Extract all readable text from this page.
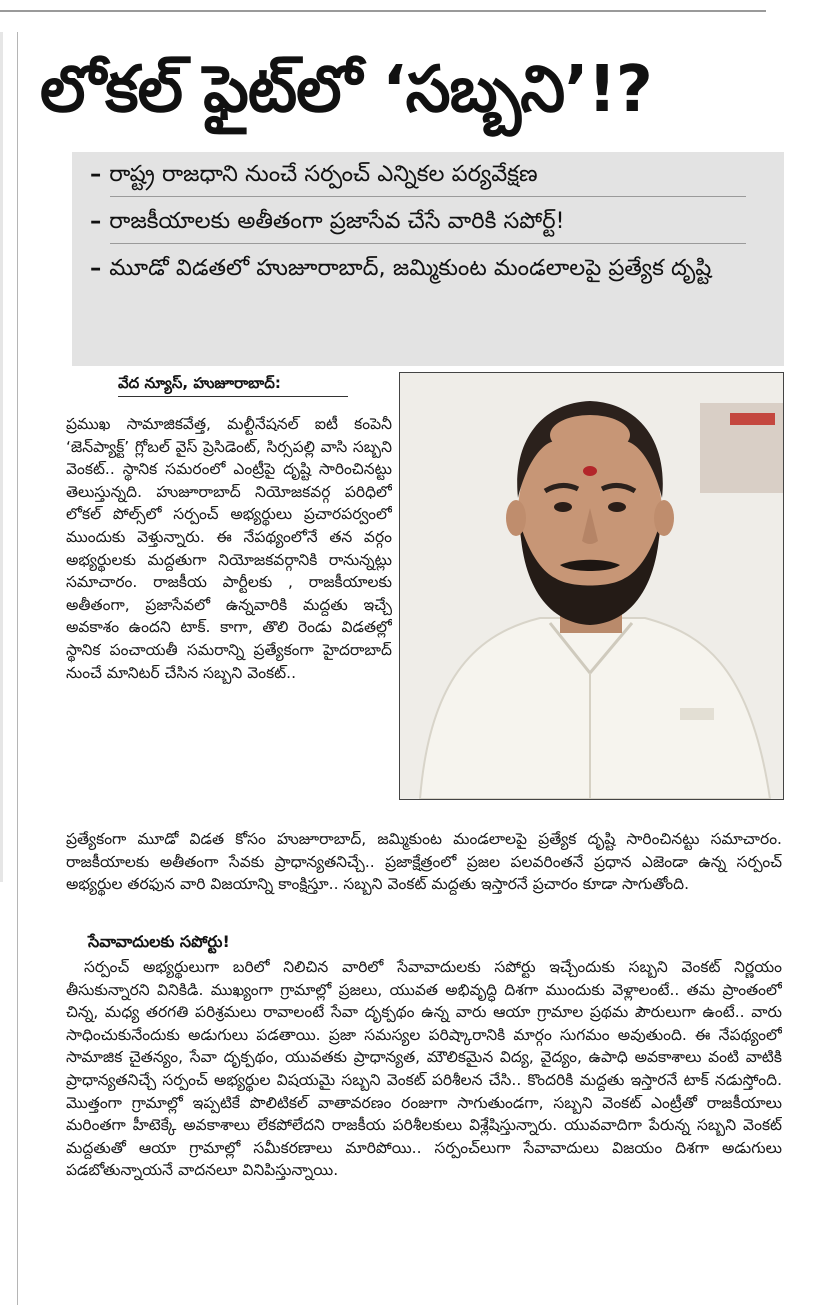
లోకల్ ఫైట్‌లో ‘సబ్బని’!?
– రాష్ట్ర రాజధాని నుంచే సర్పంచ్ ఎన్నికల పర్యవేక్షణ
– రాజకీయాలకు అతీతంగా ప్రజాసేవ చేసే వారికి సపోర్ట్!
– మూడో విడతలో హుజూరాబాద్, జమ్మికుంట మండలాలపై ప్రత్యేక దృష్టి
వేద న్యూస్, హుజూరాబాద్:

ప్రముఖ సామాజికవేత్త, మల్టీనేషనల్ ఐటీ కంపెనీ ‘జెన్‌ప్యాక్ట్’ గ్లోబల్ వైస్ ప్రెసిడెంట్, సిర్సపల్లి వాసి సబ్బని వెంకట్.. స్థానిక సమరంలో ఎంట్రీపై దృష్టి సారించినట్టు తెలుస్తున్నది. హుజూరాబాద్ నియోజకవర్గ పరిధిలో లోకల్ పోల్స్‌లో సర్పంచ్ అభ్యర్థులు ప్రచారపర్వంలో ముందుకు వెళ్తున్నారు. ఈ నేపథ్యంలోనే తన వర్గం అభ్యర్థులకు మద్దతుగా నియోజకవర్గానికి రానున్నట్లు సమాచారం. రాజకీయ పార్టీలకు , రాజకీయాలకు అతీతంగా, ప్రజాసేవలో ఉన్నవారికి మద్దతు ఇచ్చే అవకాశం ఉందని టాక్. కాగా, తొలి రెండు విడతల్లో స్థానిక పంచాయతీ సమరాన్ని ప్రత్యేకంగా హైదరాబాద్ నుంచే మానిటర్ చేసిన సబ్బని వెంకట్..

ప్రత్యేకంగా మూడో విడత కోసం హుజూరాబాద్, జమ్మికుంట మండలాలపై ప్రత్యేక దృష్టి సారించినట్టు సమాచారం. రాజకీయాలకు అతీతంగా సేవకు ప్రాధాన్యతనిచ్చే.. ప్రజాక్షేత్రంలో ప్రజల పలవరింతనే ప్రధాన ఎజెండా ఉన్న సర్పంచ్ అభ్యర్థుల తరఫున వారి విజయాన్ని కాంక్షిస్తూ.. సబ్బని వెంకట్ మద్దతు ఇస్తారనే ప్రచారం కూడా సాగుతోంది.

సేవావాదులకు సపోర్టు!

సర్పంచ్ అభ్యర్థులుగా బరిలో నిలిచిన వారిలో సేవావాదులకు సపోర్టు ఇచ్చేందుకు సబ్బని వెంకట్ నిర్ణయం తీసుకున్నారని వినికిడి. ముఖ్యంగా గ్రామాల్లో ప్రజలు, యువత అభివృద్ధి దిశగా ముందుకు వెళ్లాలంటే.. తమ ప్రాంతంలో చిన్న, మధ్య తరగతి పరిశ్రమలు రావాలంటే సేవా దృక్పథం ఉన్న వారు ఆయా గ్రామాల ప్రథమ పౌరులుగా ఉంటే.. వారు సాధించుకునేందుకు అడుగులు పడతాయి. ప్రజా సమస్యల పరిష్కారానికి మార్గం సుగమం అవుతుంది. ఈ నేపథ్యంలో సామాజిక చైతన్యం, సేవా దృక్పథం, యువతకు ప్రాధాన్యత, మౌలికమైన విద్య, వైద్యం, ఉపాధి అవకాశాలు వంటి వాటికి ప్రాధాన్యతనిచ్చే సర్పంచ్ అభ్యర్థుల విషయమై సబ్బని వెంకట్ పరిశీలన చేసి.. కొందరికి మద్దతు ఇస్తారనే టాక్ నడుస్తోంది. మొత్తంగా గ్రామాల్లో ఇప్పటికే పొలిటికల్ వాతావరణం రంజుగా సాగుతుండగా, సబ్బని వెంకట్ ఎంట్రీతో రాజకీయాలు మరింతగా హీటెక్కే అవకాశాలు లేకపోలేదని రాజకీయ పరిశీలకులు విశ్లేషిస్తున్నారు. యువవాదిగా పేరున్న సబ్బని వెంకట్ మద్దతుతో ఆయా గ్రామాల్లో సమీకరణాలు మారిపోయి.. సర్పంచ్‌లుగా సేవావాదులు విజయం దిశగా అడుగులు పడబోతున్నాయనే వాదనలూ వినిపిస్తున్నాయి.
